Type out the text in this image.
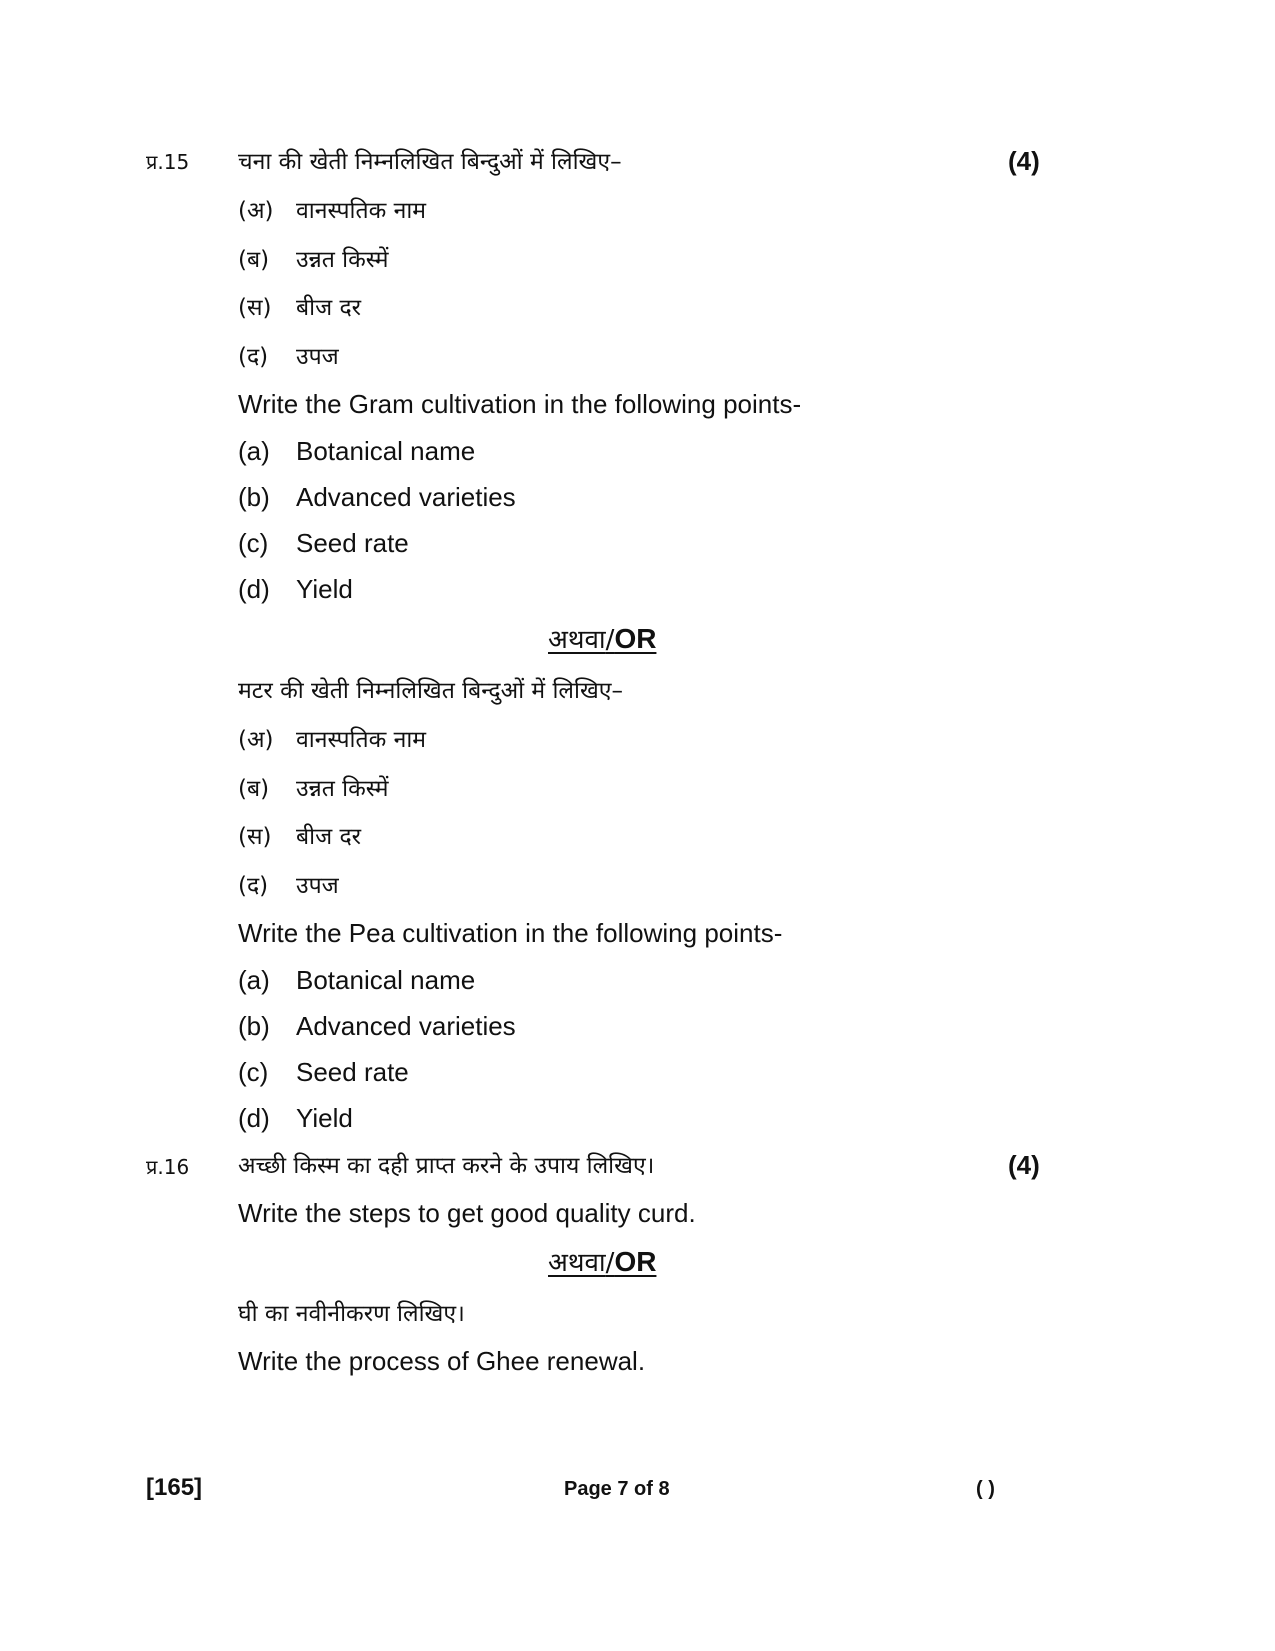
प्र.15 चना की खेती निम्नलिखित बिन्दुओं में लिखिए–	(4)
(अ) वानस्पतिक नाम
(ब) उन्नत किस्में
(स) बीज दर
(द) उपज
Write the Gram cultivation in the following points-
(a) Botanical name
(b) Advanced varieties
(c) Seed rate
(d) Yield
अथवा/OR
मटर की खेती निम्नलिखित बिन्दुओं में लिखिए–
(अ) वानस्पतिक नाम
(ब) उन्नत किस्में
(स) बीज दर
(द) उपज
Write the Pea cultivation in the following points-
(a) Botanical name
(b) Advanced varieties
(c) Seed rate
(d) Yield
प्र.16 अच्छी किस्म का दही प्राप्त करने के उपाय लिखिए।	(4)
Write the steps to get good quality curd.
अथवा/OR
घी का नवीनीकरण लिखिए।
Write the process of Ghee renewal.
[165]	Page 7 of 8	( )
